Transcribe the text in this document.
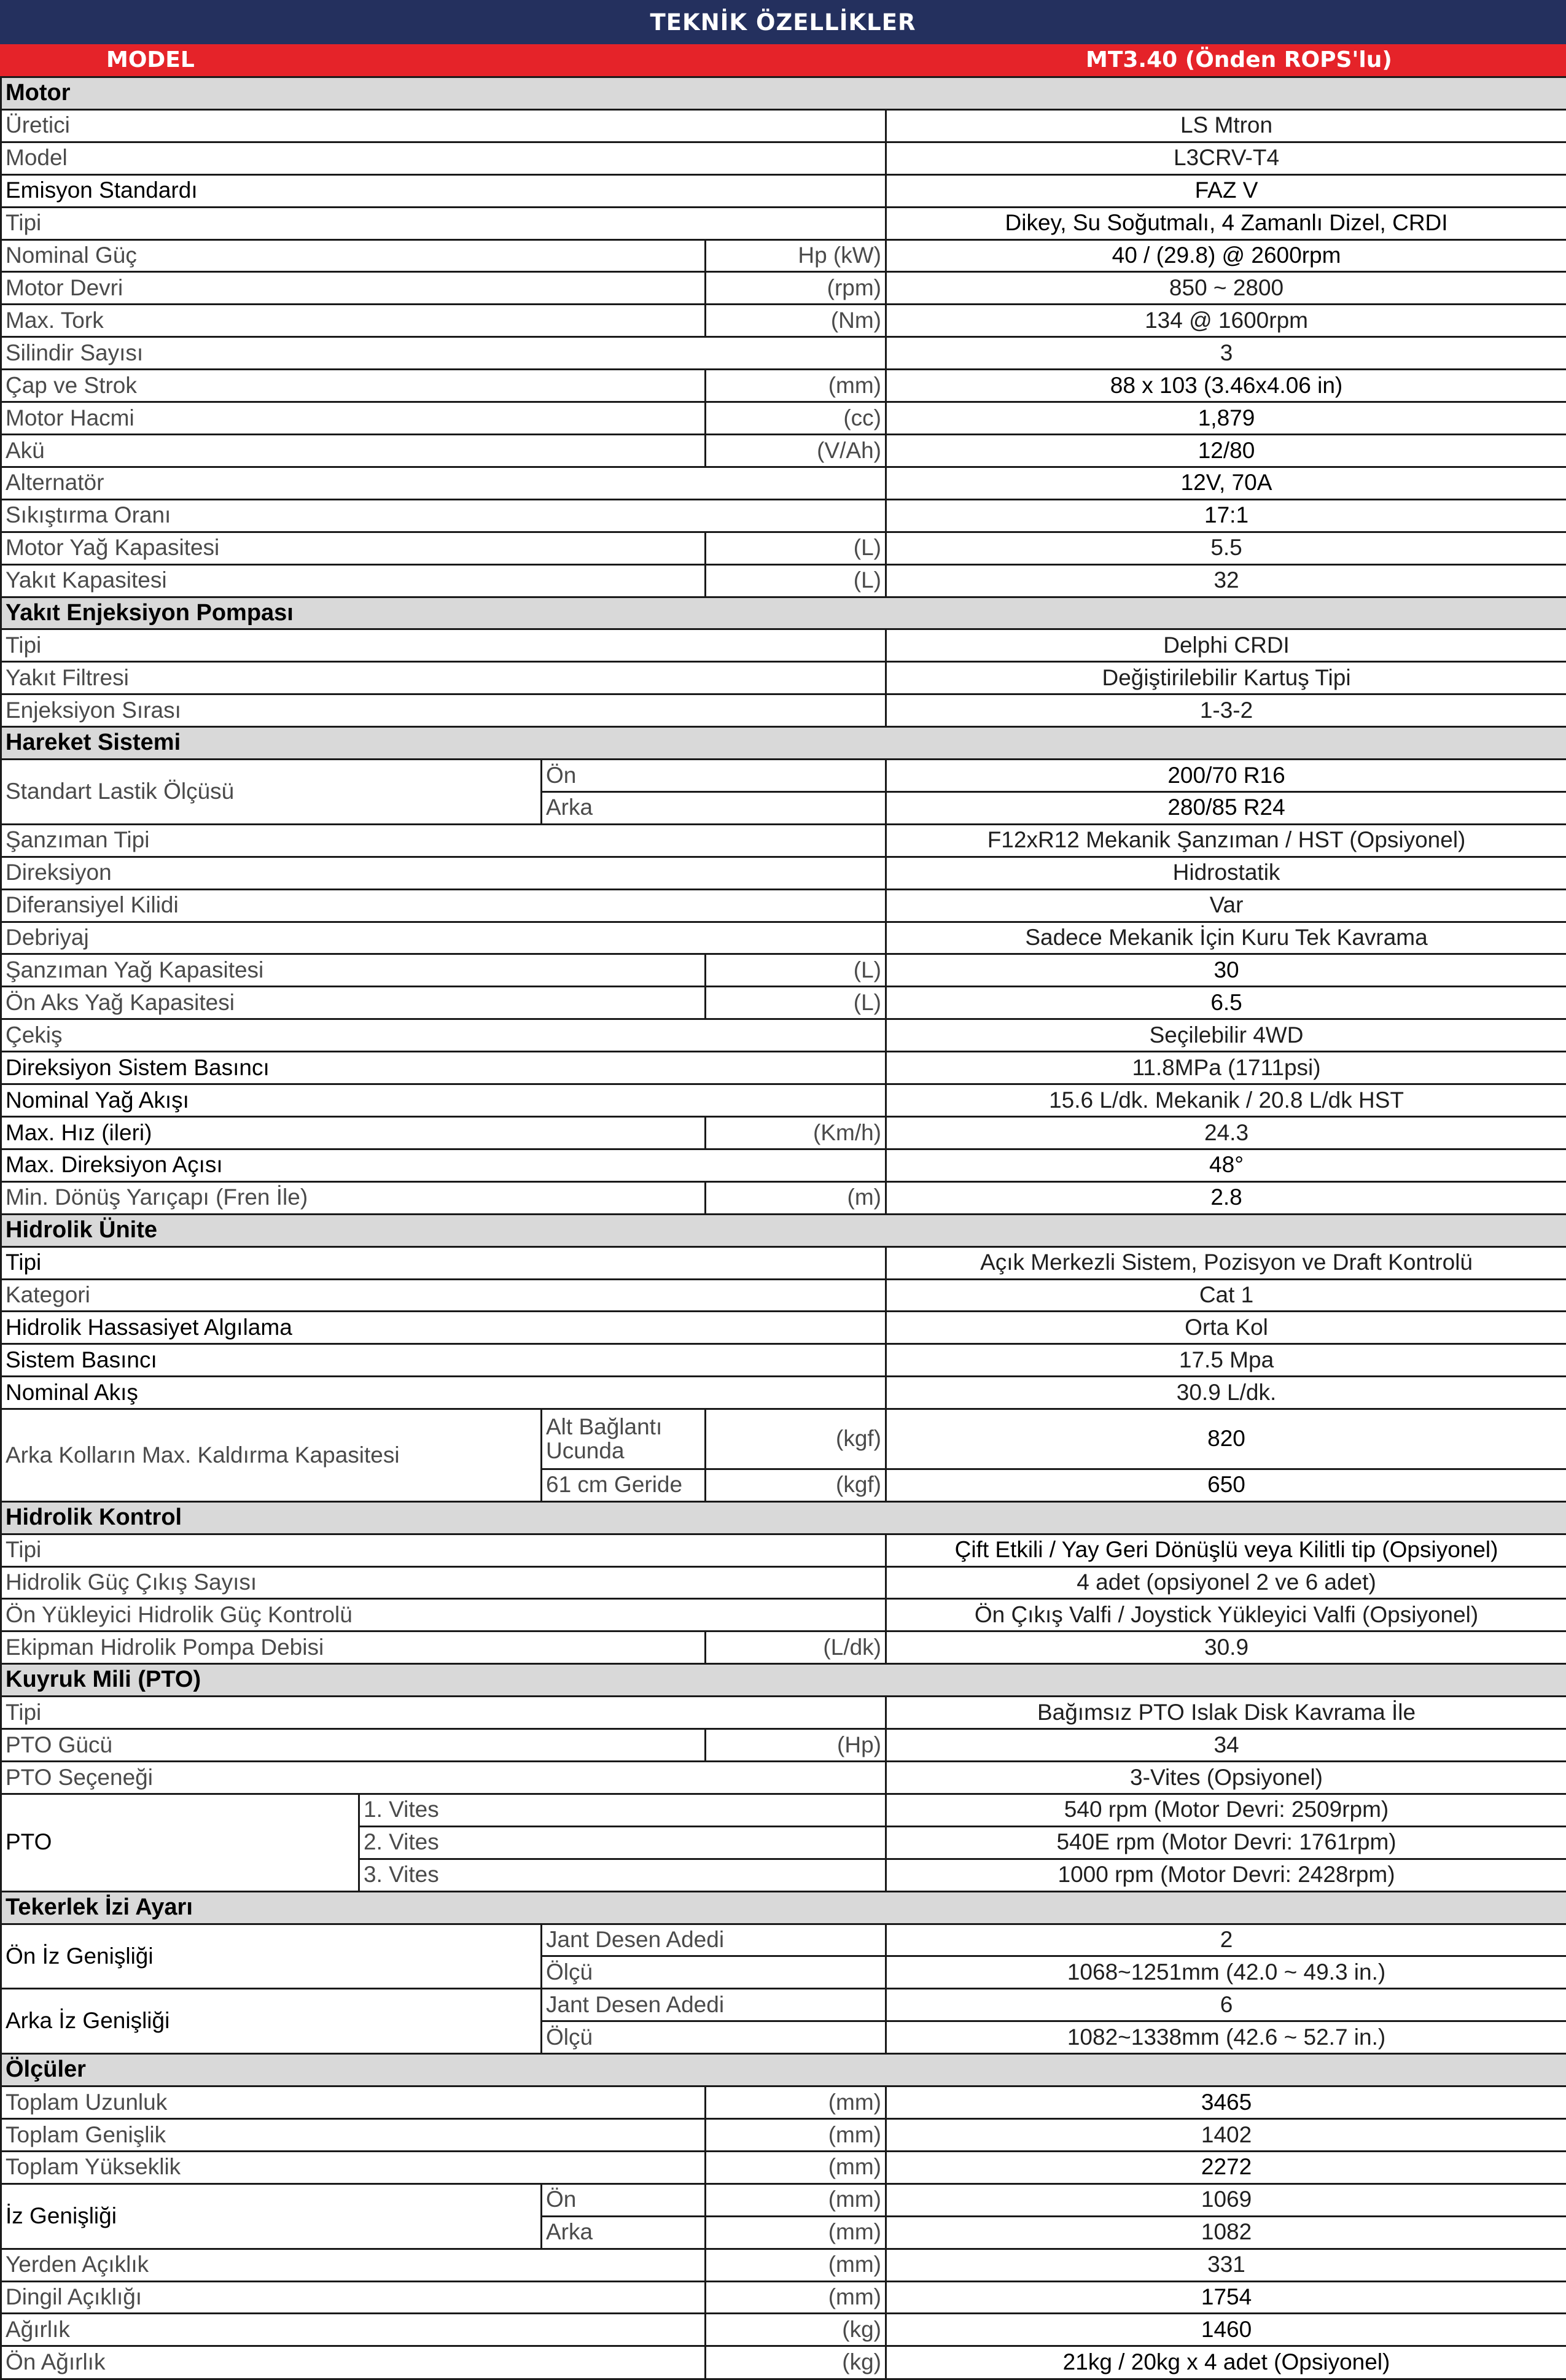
TEKNİK ÖZELLİKLER
MODEL	MT3.40 (Önden ROPS'lu)
Motor				
Üretici				LS Mtron
Model				L3CRV-T4
Emisyon Standardı				FAZ V
Tipi				Dikey, Su Soğutmalı, 4 Zamanlı Dizel, CRDI
Nominal Güç			Hp (kW)	40 / (29.8) @ 2600rpm
Motor Devri			(rpm)	850 ~ 2800
Max. Tork			(Nm)	134 @ 1600rpm
Silindir Sayısı				3
Çap ve Strok			(mm)	88 x 103 (3.46x4.06 in)
Motor Hacmi			(cc)	1,879
Akü			(V/Ah)	12/80
Alternatör				12V, 70A
Sıkıştırma Oranı				17:1
Motor Yağ Kapasitesi			(L)	5.5
Yakıt Kapasitesi			(L)	32
Yakıt Enjeksiyon Pompası				
Tipi				Delphi CRDI
Yakıt Filtresi				Değiştirilebilir Kartuş Tipi
Enjeksiyon Sırası				1-3-2
Hareket Sistemi				
Standart Lastik Ölçüsü		Ön		200/70 R16
		Arka		280/85 R24
Şanzıman Tipi				F12xR12 Mekanik Şanzıman / HST (Opsiyonel)
Direksiyon				Hidrostatik
Diferansiyel Kilidi				Var
Debriyaj				Sadece Mekanik İçin Kuru Tek Kavrama
Şanzıman Yağ Kapasitesi			(L)	30
Ön Aks Yağ Kapasitesi			(L)	6.5
Çekiş				Seçilebilir 4WD
Direksiyon Sistem Basıncı				11.8MPa (1711psi)
Nominal Yağ Akışı				15.6 L/dk. Mekanik / 20.8 L/dk HST
Max. Hız (ileri)			(Km/h)	24.3
Max. Direksiyon Açısı				48°
Min. Dönüş Yarıçapı (Fren İle)			(m)	2.8
Hidrolik Ünite				
Tipi				Açık Merkezli Sistem, Pozisyon ve Draft Kontrolü
Kategori				Cat 1
Hidrolik Hassasiyet Algılama				Orta Kol
Sistem Basıncı				17.5 Mpa
Nominal Akış				30.9 L/dk.
Arka Kolların Max. Kaldırma Kapasitesi		Alt Bağlantı Ucunda	(kgf)	820
		61 cm Geride	(kgf)	650
Hidrolik Kontrol				
Tipi				Çift Etkili / Yay Geri Dönüşlü veya Kilitli tip (Opsiyonel)
Hidrolik Güç Çıkış Sayısı				4 adet (opsiyonel 2 ve 6 adet)
Ön Yükleyici Hidrolik Güç Kontrolü				Ön Çıkış Valfi / Joystick Yükleyici Valfi (Opsiyonel)
Ekipman Hidrolik Pompa Debisi			(L/dk)	30.9
Kuyruk Mili (PTO)				
Tipi				Bağımsız PTO Islak Disk Kavrama İle
PTO Gücü			(Hp)	34
PTO Seçeneği				3-Vites (Opsiyonel)
PTO	1. Vites			540 rpm (Motor Devri: 2509rpm)
	2. Vites			540E rpm (Motor Devri: 1761rpm)
	3. Vites			1000 rpm (Motor Devri: 2428rpm)
Tekerlek İzi Ayarı				
Ön İz Genişliği		Jant Desen Adedi		2
		Ölçü		1068~1251mm (42.0 ~ 49.3 in.)
Arka İz Genişliği		Jant Desen Adedi		6
		Ölçü		1082~1338mm (42.6 ~ 52.7 in.)
Ölçüler				
Toplam Uzunluk			(mm)	3465
Toplam Genişlik			(mm)	1402
Toplam Yükseklik			(mm)	2272
İz Genişliği		Ön	(mm)	1069
		Arka	(mm)	1082
Yerden Açıklık			(mm)	331
Dingil Açıklığı			(mm)	1754
Ağırlık			(kg)	1460
Ön Ağırlık			(kg)	21kg / 20kg x 4 adet (Opsiyonel)
